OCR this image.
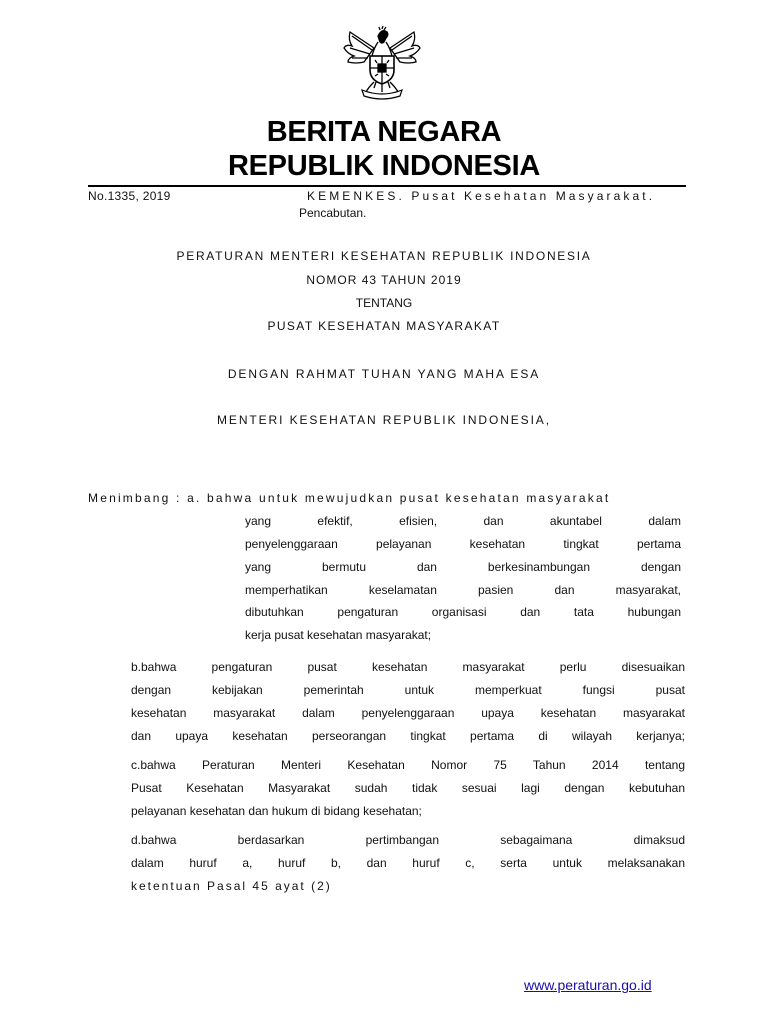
BERITA NEGARA
REPUBLIK INDONESIA
No.1335, 2019	KEMENKES. Pusat Kesehatan Masyarakat.
Pencabutan.
PERATURAN MENTERI KESEHATAN REPUBLIK INDONESIA
NOMOR 43 TAHUN 2019
TENTANG
PUSAT KESEHATAN MASYARAKAT
DENGAN RAHMAT TUHAN YANG MAHA ESA
MENTERI KESEHATAN REPUBLIK INDONESIA,
Menimbang : a. bahwa untuk mewujudkan pusat kesehatan masyarakat
yang efektif, efisien, dan akuntabel dalam
penyelenggaraan pelayanan kesehatan tingkat pertama
yang bermutu dan berkesinambungan dengan
memperhatikan keselamatan pasien dan masyarakat,
dibutuhkan pengaturan organisasi dan tata hubungan
kerja pusat kesehatan masyarakat;
b.bahwa pengaturan pusat kesehatan masyarakat perlu disesuaikan
dengan kebijakan pemerintah untuk memperkuat fungsi pusat
kesehatan masyarakat dalam penyelenggaraan upaya kesehatan masyarakat
dan upaya kesehatan perseorangan tingkat pertama di wilayah kerjanya;
c.bahwa Peraturan Menteri Kesehatan Nomor 75 Tahun 2014 tentang
Pusat Kesehatan Masyarakat sudah tidak sesuai lagi dengan kebutuhan
pelayanan kesehatan dan hukum di bidang kesehatan;
d.bahwa berdasarkan pertimbangan sebagaimana dimaksud
dalam huruf a, huruf b, dan huruf c, serta untuk melaksanakan
ketentuan Pasal 45 ayat (2)
www.peraturan.go.id
